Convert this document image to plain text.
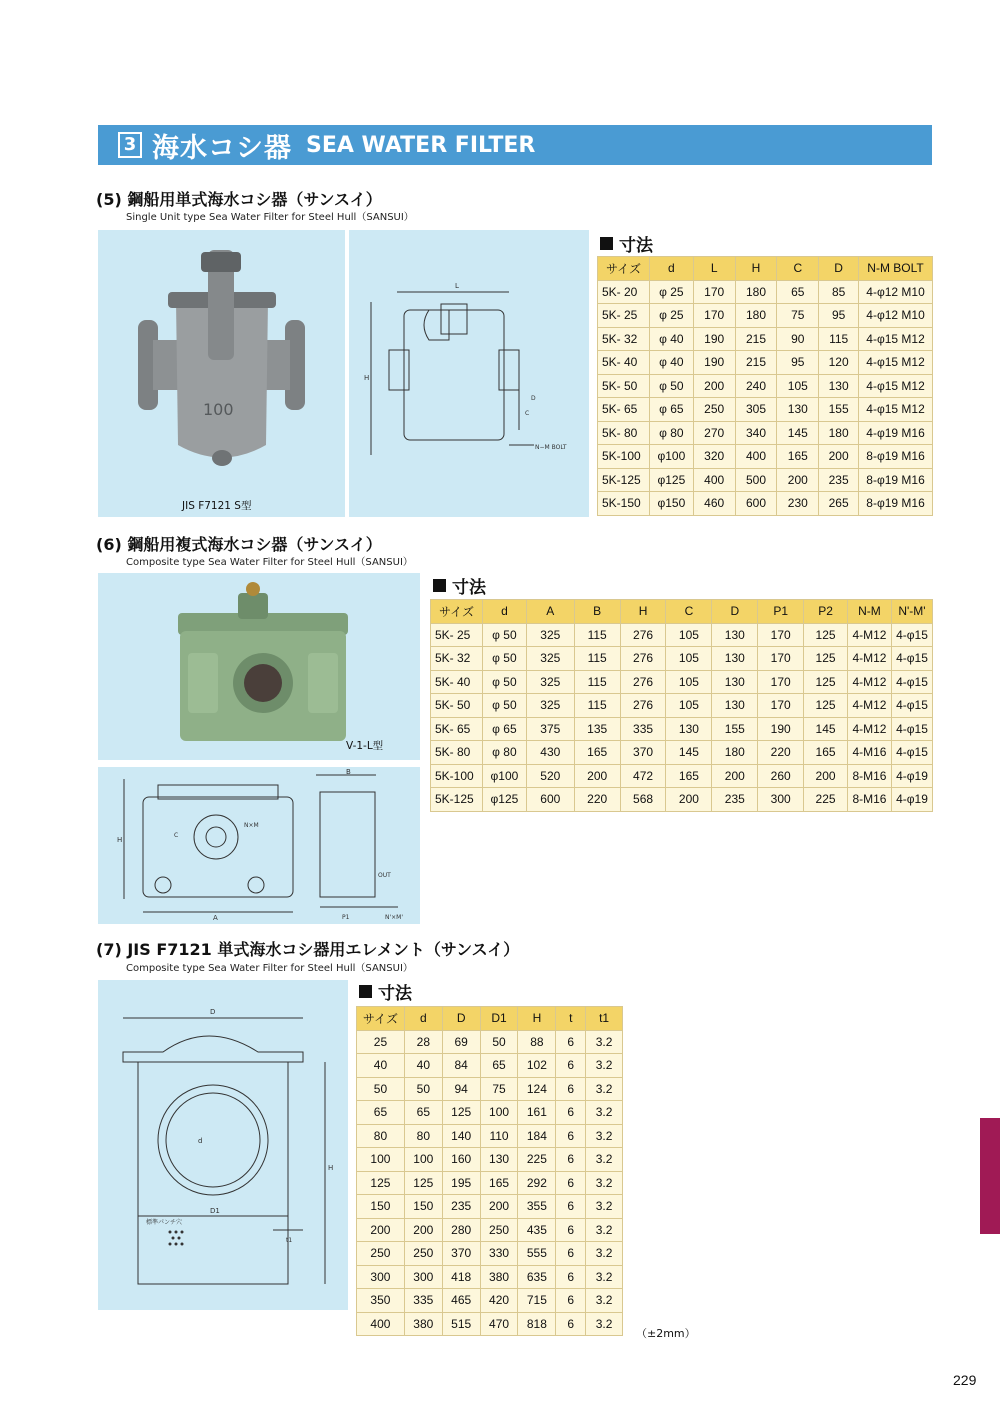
3 海水コシ器 SEA WATER FILTER
(5) 鋼船用単式海水コシ器（サンスイ）
Single Unit type Sea Water Filter for Steel Hull（SANSUI）
100
JIS F7121 S型
L
H
D
C
N−M BOLT
寸法
サイズ	d	L	H	C	D	N-M BOLT
5K- 20	φ 25	170	180	65	85	4-φ12 M10
5K- 25	φ 25	170	180	75	95	4-φ12 M10
5K- 32	φ 40	190	215	90	115	4-φ15 M12
5K- 40	φ 40	190	215	95	120	4-φ15 M12
5K- 50	φ 50	200	240	105	130	4-φ15 M12
5K- 65	φ 65	250	305	130	155	4-φ15 M12
5K- 80	φ 80	270	340	145	180	4-φ19 M16
5K-100	φ100	320	400	165	200	8-φ19 M16
5K-125	φ125	400	500	200	235	8-φ19 M16
5K-150	φ150	460	600	230	265	8-φ19 M16
(6) 鋼船用複式海水コシ器（サンスイ）
Composite type Sea Water Filter for Steel Hull（SANSUI）
V-1-L型
B
H
C
N×M
OUT
A	P1	N'×M'
寸法
サイズ	d	A	B	H	C	D	P1	P2	N-M	N'-M'
5K- 25	φ 50	325	115	276	105	130	170	125	4-M12	4-φ15
5K- 32	φ 50	325	115	276	105	130	170	125	4-M12	4-φ15
5K- 40	φ 50	325	115	276	105	130	170	125	4-M12	4-φ15
5K- 50	φ 50	325	115	276	105	130	170	125	4-M12	4-φ15
5K- 65	φ 65	375	135	335	130	155	190	145	4-M12	4-φ15
5K- 80	φ 80	430	165	370	145	180	220	165	4-M16	4-φ15
5K-100	φ100	520	200	472	165	200	260	200	8-M16	4-φ19
5K-125	φ125	600	220	568	200	235	300	225	8-M16	4-φ19
(7) JIS F7121 単式海水コシ器用エレメント（サンスイ）
Composite type Sea Water Filter for Steel Hull（SANSUI）
D
d
D1
H
t1
標準パンチ穴
寸法
サイズ	d	D	D1	H	t	t1
25	28	69	50	88	6	3.2
40	40	84	65	102	6	3.2
50	50	94	75	124	6	3.2
65	65	125	100	161	6	3.2
80	80	140	110	184	6	3.2
100	100	160	130	225	6	3.2
125	125	195	165	292	6	3.2
150	150	235	200	355	6	3.2
200	200	280	250	435	6	3.2
250	250	370	330	555	6	3.2
300	300	418	380	635	6	3.2
350	335	465	420	715	6	3.2
400	380	515	470	818	6	3.2
（±2mm）
229
